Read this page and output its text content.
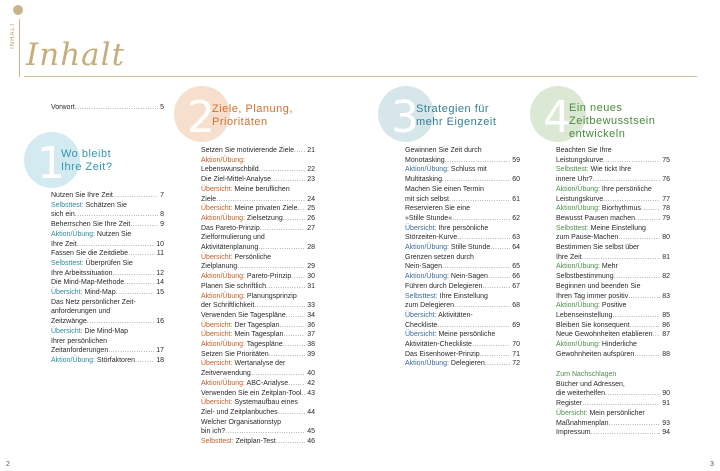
INHALT
Inhalt
Vorwort .....	5
1
Wo bleibt
Ihre Zeit?
Nutzen Sie Ihre Zeit .....	7
Selbsttest: Schätzen Sie
sich ein .....	8
Beherrschen Sie Ihre Zeit .....	9
Aktion/Übung: Nutzen Sie
Ihre Zeit .....	10
Fassen Sie die Zeitdiebe .....	11
Selbsttest: Überprüfen Sie
Ihre Arbeitssituation .....	12
Die Mind-Map-Methode .....	14
Übersicht: Mind-Map .....	15
Das Netz persönlicher Zeit-
anforderungen und
Zeitzwänge .....	16
Übersicht: Die Mind-Map
Ihrer persönlichen
Zeitanforderungen .....	17
Aktion/Übung: Störfaktoren .....	18
2
Ziele, Planung,
Prioritäten
Setzen Sie motivierende Ziele ..... 21
Aktion/Übung:
Lebenswunschbild .....	22
Die Ziel-Mittel-Analyse .....	23
Übersicht: Meine beruflichen
Ziele .....	24
Übersicht: Meine privaten Ziele ..... 25
Aktion/Übung: Zielsetzung .....	26
Das Pareto-Prinzip .....	27
Zielformulierung und
Aktivitätenplanung .....	28
Übersicht: Persönliche
Zielplanung .....	29
Aktion/Übung: Pareto-Prinzip ..... 30
Planen Sie schriftlich .....	31
Aktion/Übung: Planungsprinzip
der Schriftlichkeit .....	33
Verwenden Sie Tagespläne .....	34
Übersicht: Der Tagesplan .....	36
Übersicht: Mein Tagesplan .....	37
Aktion/Übung: Tagespläne .....	38
Setzen Sie Prioritäten .....	39
Übersicht: Wertanalyse der
Zeitverwendung .....	40
Aktion/Übung: ABC-Analyse .....	42
Verwenden Sie ein Zeitplan-Tool ..... 43
Übersicht: Systemaufbau eines
Ziel- und Zeitplanbuches .....	44
Welcher Organisationstyp
bin ich? .....	45
Selbsttest: Zeitplan-Test .....	46
3
Strategien für
mehr Eigenzeit
Gewinnen Sie Zeit durch
Monotasking .....	59
Aktion/Übung: Schluss mit
Multitasking .....	60
Machen Sie einen Termin
mit sich selbst .....	61
Reservieren Sie eine
»Stille Stunde« .....	62
Übersicht: Ihre persönliche
Störzeiten-Kurve .....	63
Aktion/Übung: Stille Stunde .....	64
Grenzen setzen durch
Nein-Sagen .....	65
Aktion/Übung: Nein-Sagen .....	66
Führen durch Delegieren .....	67
Selbsttest: Ihre Einstellung
zum Delegieren .....	68
Übersicht: Aktivitäten-
Checkliste .....	69
Übersicht: Meine persönliche
Aktivitäten-Checkliste .....	70
Das Eisenhower-Prinzip .....	71
Aktion/Übung: Delegieren .....	72
4
Ein neues
Zeitbewusstsein
entwickeln
Beachten Sie Ihre
Leistungskurve .....	75
Selbsttest: Wie tickt Ihre
innere Uhr? .....	76
Aktion/Übung: Ihre persönliche
Leistungskurve .....	77
Aktion/Übung: Biorhythmus .....	78
Bewusst Pausen machen .....	79
Selbsttest: Meine Einstellung
zum Pause-Machen .....	80
Bestimmen Sie selbst über
Ihre Zeit .....	81
Aktion/Übung: Mehr
Selbstbestimmung .....	82
Beginnen und beenden Sie
Ihren Tag immer positiv .....	83
Aktion/Übung: Positive
Lebenseinstellung .....	85
Bleiben Sie konsequent .....	86
Neue Gewohnheiten etablieren ..... 87
Aktion/Übung: Hinderliche
Gewohnheiten aufspüren .....	88
Zum Nachschlagen
Bücher und Adressen,
die weiterhelfen .....	90
Register .....	91
Übersicht: Mein persönlicher
Maßnahmenplan .....	93
Impressum .....	94
2	3
